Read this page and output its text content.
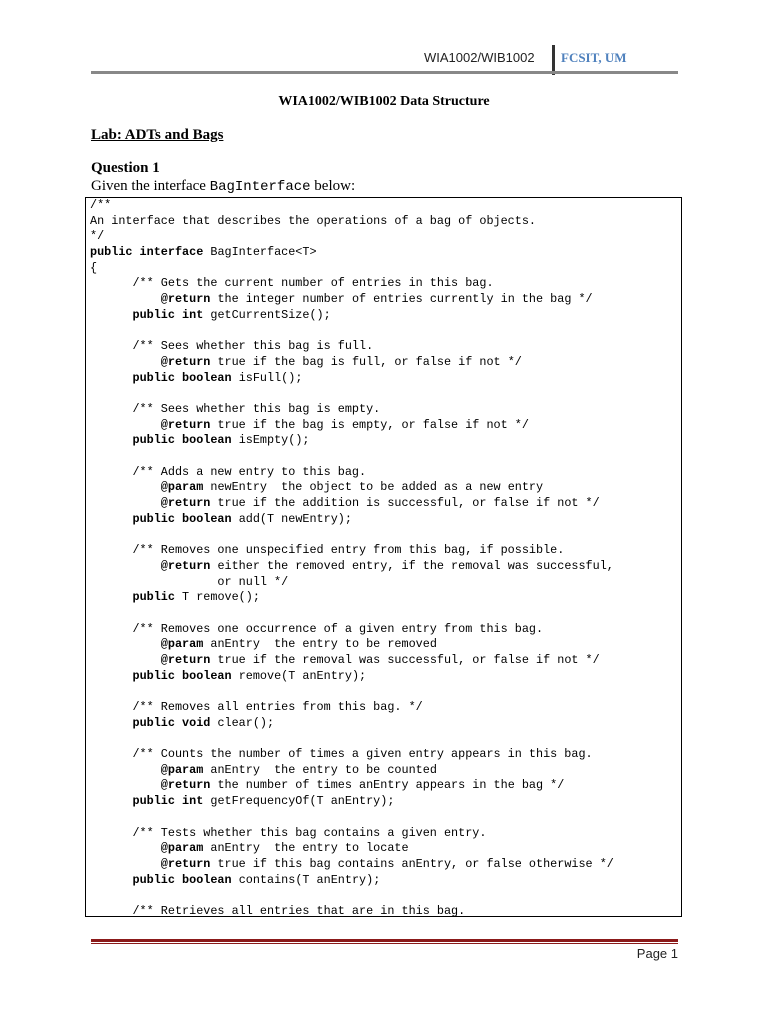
WIA1002/WIB1002 FCSIT, UM
WIA1002/WIB1002 Data Structure
Lab: ADTs and Bags
Question 1
Given the interface BagInterface below:
/**
An interface that describes the operations of a bag of objects.
*/
public interface BagInterface<T>
{
/** Gets the current number of entries in this bag.
@return the integer number of entries currently in the bag */
public int getCurrentSize();
/** Sees whether this bag is full.
@return true if the bag is full, or false if not */
public boolean isFull();
/** Sees whether this bag is empty.
@return true if the bag is empty, or false if not */
public boolean isEmpty();
/** Adds a new entry to this bag.
@param newEntry  the object to be added as a new entry
@return true if the addition is successful, or false if not */
public boolean add(T newEntry);
/** Removes one unspecified entry from this bag, if possible.
@return either the removed entry, if the removal was successful,
or null */
public T remove();
/** Removes one occurrence of a given entry from this bag.
@param anEntry  the entry to be removed
@return true if the removal was successful, or false if not */
public boolean remove(T anEntry);
/** Removes all entries from this bag. */
public void clear();
/** Counts the number of times a given entry appears in this bag.
@param anEntry  the entry to be counted
@return the number of times anEntry appears in the bag */
public int getFrequencyOf(T anEntry);
/** Tests whether this bag contains a given entry.
@param anEntry  the entry to locate
@return true if this bag contains anEntry, or false otherwise */
public boolean contains(T anEntry);
/** Retrieves all entries that are in this bag.
Page 1
